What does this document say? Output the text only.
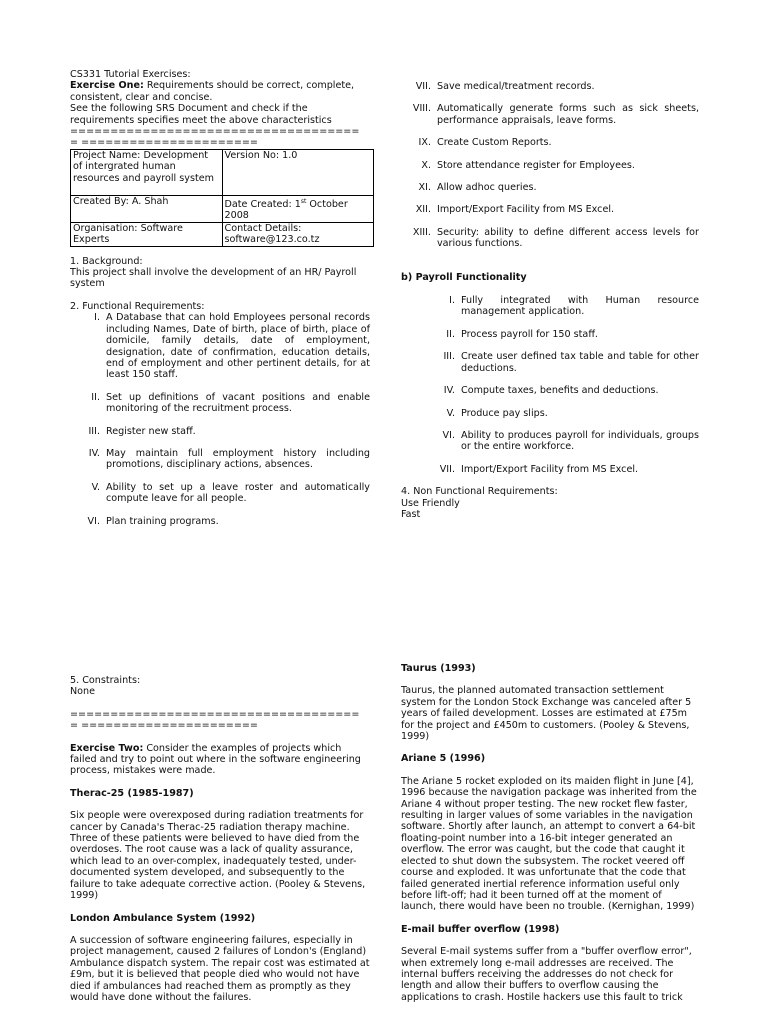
CS331 Tutorial Exercises:

Exercise One: Requirements should be correct, complete, consistent, clear and concise.

See the following SRS Document and check if the requirements specifies meet the above characteristics

===================================== ======================

Project Name: Development of intergrated human resources and payroll system	Version No: 1.0
Created By: A. Shah	Date Created: 1st October 2008
Organisation: Software Experts	Contact Details: software@123.co.tz

1. Background:

This project shall involve the development of an HR/ Payroll system

2. Functional Requirements:

I. A Database that can hold Employees personal records including Names, Date of birth, place of birth, place of domicile, family details, date of employment, designation, date of confirmation, education details, end of employment and other pertinent details, for at least 150 staff.
II. Set up definitions of vacant positions and enable monitoring of the recruitment process.
III. Register new staff.
IV. May maintain full employment history including promotions, disciplinary actions, absences.
V. Ability to set up a leave roster and automatically compute leave for all people.
VI. Plan training programs.
VII. Save medical/treatment records.
VIII. Automatically generate forms such as sick sheets, performance appraisals, leave forms.
IX. Create Custom Reports.
X. Store attendance register for Employees.
XI. Allow adhoc queries.
XII. Import/Export Facility from MS Excel.
XIII. Security: ability to define different access levels for various functions.

b) Payroll Functionality

I. Fully integrated with Human resource management application.
II. Process payroll for 150 staff.
III. Create user defined tax table and table for other deductions.
IV. Compute taxes, benefits and deductions.
V. Produce pay slips.
VI. Ability to produces payroll for individuals, groups or the entire workforce.
VII. Import/Export Facility from MS Excel.

4. Non Functional Requirements:

Use Friendly

Fast

5. Constraints:

None

===================================== ======================

Exercise Two: Consider the examples of projects which failed and try to point out where in the software engineering process, mistakes were made.

Therac-25 (1985-1987)

Six people were overexposed during radiation treatments for cancer by Canada's Therac-25 radiation therapy machine. Three of these patients were believed to have died from the overdoses. The root cause was a lack of quality assurance, which lead to an over-complex, inadequately tested, under-documented system developed, and subsequently to the failure to take adequate corrective action. (Pooley & Stevens, 1999)

London Ambulance System (1992)

A succession of software engineering failures, especially in project management, caused 2 failures of London's (England) Ambulance dispatch system. The repair cost was estimated at £9m, but it is believed that people died who would not have died if ambulances had reached them as promptly as they would have done without the failures.

Taurus (1993)

Taurus, the planned automated transaction settlement system for the London Stock Exchange was canceled after 5 years of failed development. Losses are estimated at £75m for the project and £450m to customers. (Pooley & Stevens, 1999)

Ariane 5 (1996)

The Ariane 5 rocket exploded on its maiden flight in June [4], 1996 because the navigation package was inherited from the Ariane 4 without proper testing. The new rocket flew faster, resulting in larger values of some variables in the navigation software. Shortly after launch, an attempt to convert a 64-bit floating-point number into a 16-bit integer generated an overflow. The error was caught, but the code that caught it elected to shut down the subsystem. The rocket veered off course and exploded. It was unfortunate that the code that failed generated inertial reference information useful only before lift-off; had it been turned off at the moment of launch, there would have been no trouble. (Kernighan, 1999)

E-mail buffer overflow (1998)

Several E-mail systems suffer from a "buffer overflow error", when extremely long e-mail addresses are received. The internal buffers receiving the addresses do not check for length and allow their buffers to overflow causing the applications to crash. Hostile hackers use this fault to trick
